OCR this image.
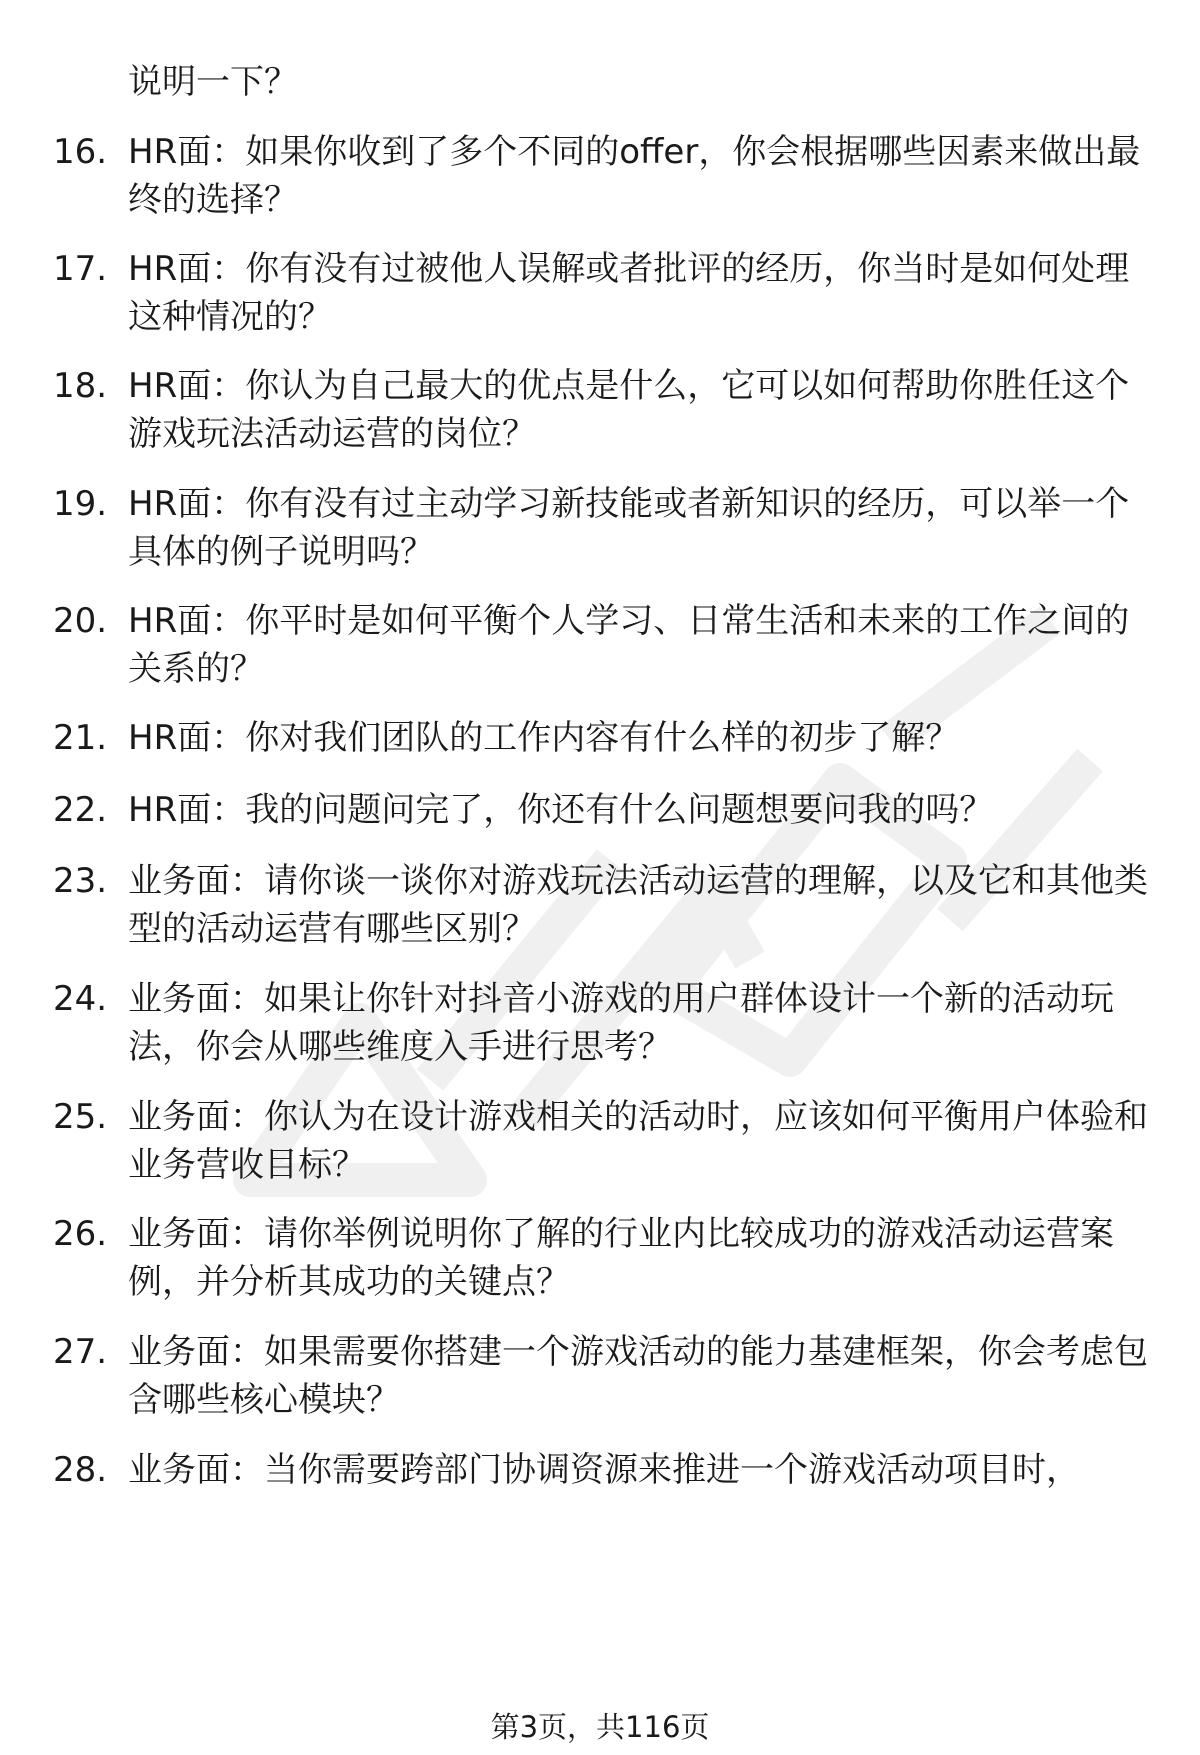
说明一下？

16. HR面：如果你收到了多个不同的offer，你会根据哪些因素来做出最终的选择？
17. HR面：你有没有过被他人误解或者批评的经历，你当时是如何处理这种情况的？
18. HR面：你认为自己最大的优点是什么，它可以如何帮助你胜任这个游戏玩法活动运营的岗位？
19. HR面：你有没有过主动学习新技能或者新知识的经历，可以举一个具体的例子说明吗？
20. HR面：你平时是如何平衡个人学习、日常生活和未来的工作之间的关系的？
21. HR面：你对我们团队的工作内容有什么样的初步了解？
22. HR面：我的问题问完了，你还有什么问题想要问我的吗？
23. 业务面：请你谈一谈你对游戏玩法活动运营的理解，以及它和其他类型的活动运营有哪些区别？
24. 业务面：如果让你针对抖音小游戏的用户群体设计一个新的活动玩法，你会从哪些维度入手进行思考？
25. 业务面：你认为在设计游戏相关的活动时，应该如何平衡用户体验和业务营收目标？
26. 业务面：请你举例说明你了解的行业内比较成功的游戏活动运营案例，并分析其成功的关键点？
27. 业务面：如果需要你搭建一个游戏活动的能力基建框架，你会考虑包含哪些核心模块？
28. 业务面：当你需要跨部门协调资源来推进一个游戏活动项目时，
第3页，共116页
